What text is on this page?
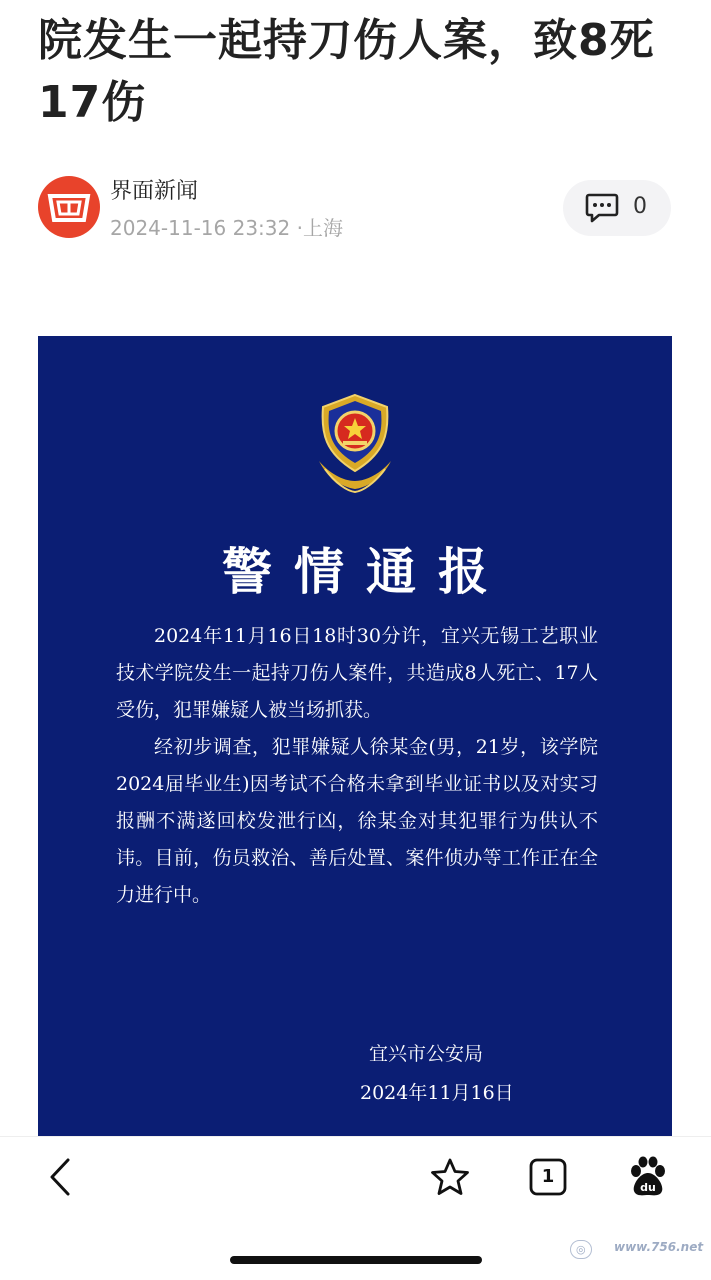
院发生一起持刀伤人案，致8死17伤
界面新闻
2024-11-16 23:32 ·上海
0
警情通报

2024年11月16日18时30分许，宜兴无锡工艺职业技术学院发生一起持刀伤人案件，共造成8人死亡、17人受伤，犯罪嫌疑人被当场抓获。

经初步调查，犯罪嫌疑人徐某金(男，21岁，该学院2024届毕业生)因考试不合格未拿到毕业证书以及对实习报酬不满遂回校发泄行凶，徐某金对其犯罪行为供认不讳。目前，伤员救治、善后处置、案件侦办等工作正在全力进行中。

宜兴市公安局
2024年11月16日
1
du
◎	www.756.net
